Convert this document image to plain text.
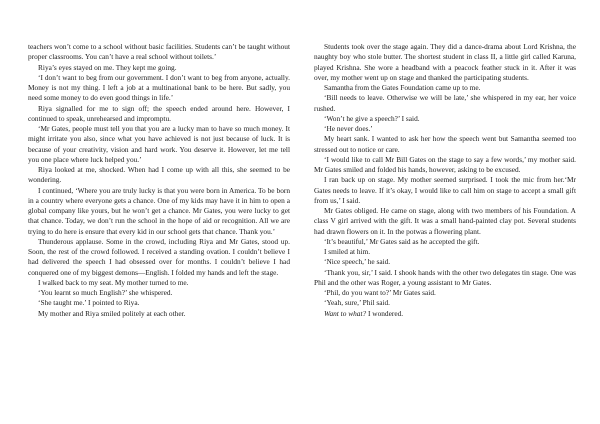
teachers won’t come to a school without basic facilities. Students can’t be taught without proper classrooms. You can’t have a real school without toilets.’

Riya’s eyes stayed on me. They kept me going.

‘I don’t want to beg from our government. I don’t want to beg from anyone, actually. Money is not my thing. I left a job at a multinational bank to be here. But sadly, you need some money to do even good things in life.’

Riya signalled for me to sign off; the speech ended around here. However, I continued to speak, unrehearsed and impromptu.

‘Mr Gates, people must tell you that you are a lucky man to have so much money. It might irritate you also, since what you have achieved is not just because of luck. It is because of your creativity, vision and hard work. You deserve it. However, let me tell you one place where luck helped you.’

Riya looked at me, shocked. When had I come up with all this, she seemed to be wondering.

I continued, ‘Where you are truly lucky is that you were born in America. To be born in a country where everyone gets a chance. One of my kids may have it in him to open a global company like yours, but he won’t get a chance. Mr Gates, you were lucky to get that chance. Today, we don’t run the school in the hope of aid or recognition. All we are trying to do here is ensure that every kid in our school gets that chance. Thank you.’

Thunderous applause. Some in the crowd, including Riya and Mr Gates, stood up. Soon, the rest of the crowd followed. I received a standing ovation. I couldn’t believe I had delivered the speech I had obsessed over for months. I couldn’t believe I had conquered one of my biggest demons—English. I folded my hands and left the stage.

I walked back to my seat. My mother turned to me.

‘You learnt so much English?’ she whispered.

‘She taught me.’ I pointed to Riya.

My mother and Riya smiled politely at each other.

Students took over the stage again. They did a dance-drama about Lord Krishna, the naughty boy who stole butter. The shortest student in class II, a little girl called Karuna, played Krishna. She wore a headband with a peacock feather stuck in it. After it was over, my mother went up on stage and thanked the participating students.

Samantha from the Gates Foundation came up to me.

‘Bill needs to leave. Otherwise we will be late,’ she whispered in my ear, her voice rushed.

‘Won’t he give a speech?’ I said.

‘He never does.’

My heart sank. I wanted to ask her how the speech went but Samantha seemed too stressed out to notice or care.

‘I would like to call Mr Bill Gates on the stage to say a few words,’ my mother said. Mr Gates smiled and folded his hands, however, asking to be excused.

I ran back up on stage. My mother seemed surprised. I took the mic from her.‘Mr Gates needs to leave. If it’s okay, I would like to call him on stage to accept a small gift from us,’ I said.

Mr Gates obliged. He came on stage, along with two members of his Foundation. A class V girl arrived with the gift. It was a small hand-painted clay pot. Several students had drawn flowers on it. In the potwas a flowering plant.

‘It’s beautiful,’ Mr Gates said as he accepted the gift.

I smiled at him.

‘Nice speech,’ he said.

‘Thank you, sir,’ I said. I shook hands with the other two delegates tin stage. One was Phil and the other was Roger, a young assistant to Mr Gates.

‘Phil, do you want to?’ Mr Gates said.

‘Yeah, sure,’ Phil said.

Want to what? I wondered.
